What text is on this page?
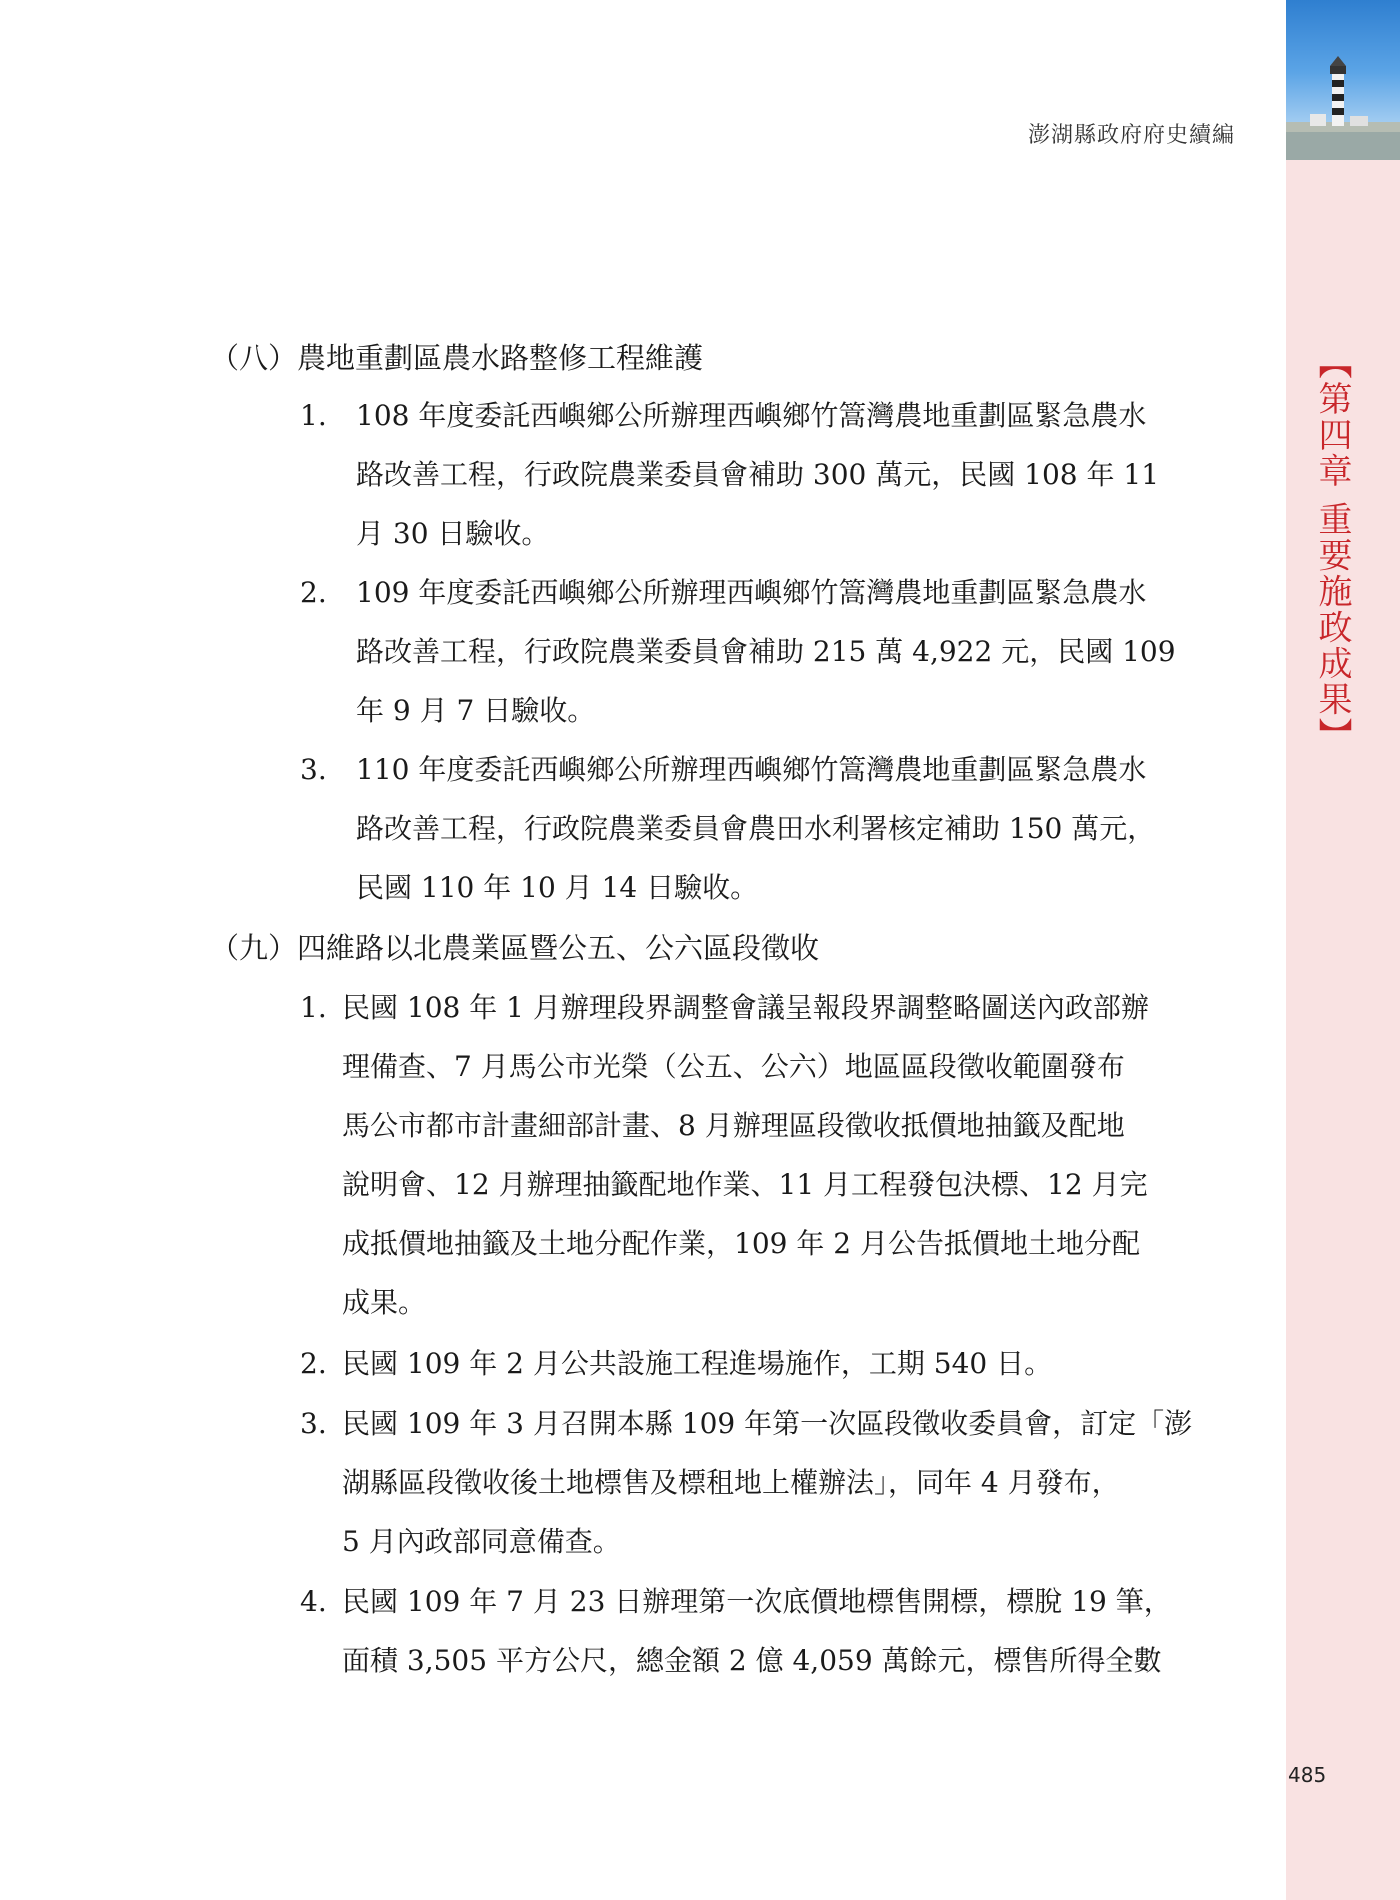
澎湖縣政府府史續編
【第四章 重要施政成果】
485
（八）農地重劃區農水路整修工程維護
1. 108 年度委託西嶼鄉公所辦理西嶼鄉竹篙灣農地重劃區緊急農水
路改善工程，行政院農業委員會補助 300 萬元，民國 108 年 11
月 30 日驗收。
2. 109 年度委託西嶼鄉公所辦理西嶼鄉竹篙灣農地重劃區緊急農水
路改善工程，行政院農業委員會補助 215 萬 4,922 元，民國 109
年 9 月 7 日驗收。
3. 110 年度委託西嶼鄉公所辦理西嶼鄉竹篙灣農地重劃區緊急農水
路改善工程，行政院農業委員會農田水利署核定補助 150 萬元，
民國 110 年 10 月 14 日驗收。
（九）四維路以北農業區暨公五、公六區段徵收
1. 民國 108 年 1 月辦理段界調整會議呈報段界調整略圖送內政部辦
理備查、7 月馬公市光榮（公五、公六）地區區段徵收範圍發布
馬公市都市計畫細部計畫、8 月辦理區段徵收抵價地抽籤及配地
說明會、12 月辦理抽籤配地作業、11 月工程發包決標、12 月完
成抵價地抽籤及土地分配作業，109 年 2 月公告抵價地土地分配
成果。
2. 民國 109 年 2 月公共設施工程進場施作，工期 540 日。
3. 民國 109 年 3 月召開本縣 109 年第一次區段徵收委員會，訂定「澎
湖縣區段徵收後土地標售及標租地上權辦法」，同年 4 月發布，
5 月內政部同意備查。
4. 民國 109 年 7 月 23 日辦理第一次底價地標售開標，標脫 19 筆，
面積 3,505 平方公尺，總金額 2 億 4,059 萬餘元，標售所得全數
